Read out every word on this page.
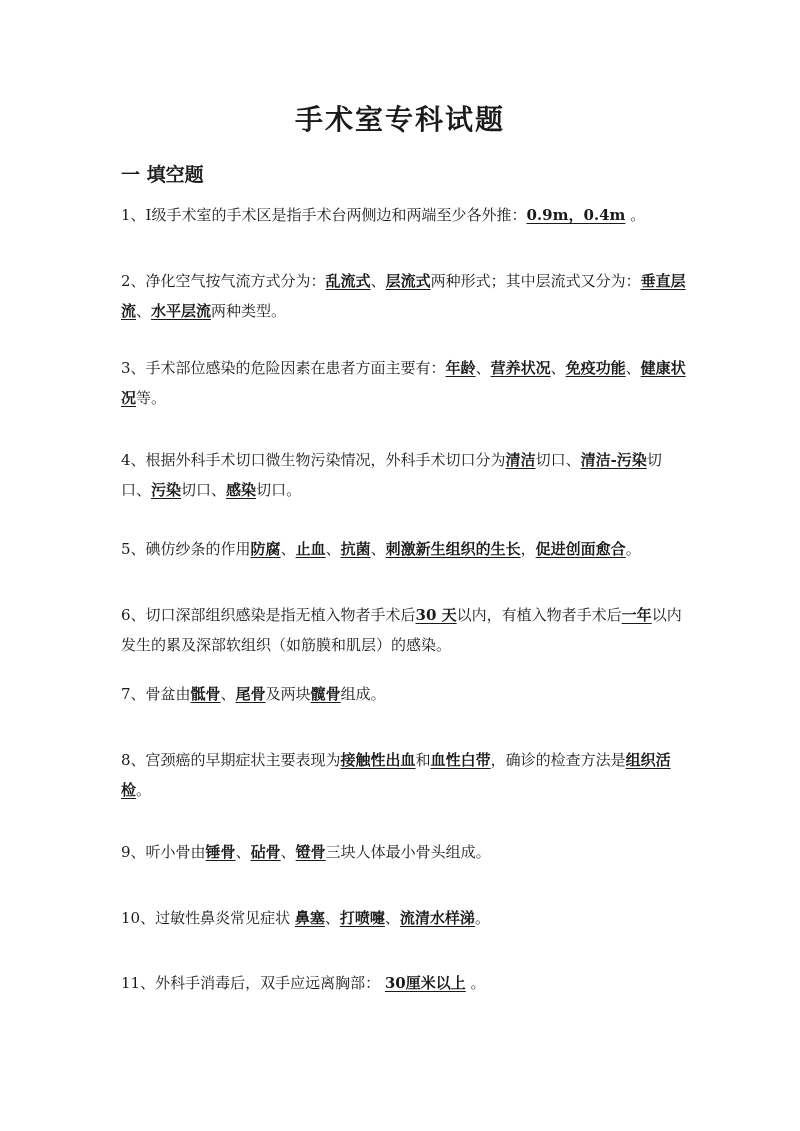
手术室专科试题
一 填空题
1、Ⅰ级手术室的手术区是指手术台两侧边和两端至少各外推：0.9m，0.4m 。
2、净化空气按气流方式分为：乱流式、层流式两种形式；其中层流式又分为：垂直层流、水平层流两种类型。
3、手术部位感染的危险因素在患者方面主要有：年龄、营养状况、免疫功能、健康状况等。
4、根据外科手术切口微生物污染情况，外科手术切口分为清洁切口、清洁-污染切口、污染切口、感染切口。
5、碘仿纱条的作用防腐、止血、抗菌、刺激新生组织的生长，促进创面愈合。
6、切口深部组织感染是指无植入物者手术后30 天以内，有植入物者手术后一年以内发生的累及深部软组织（如筋膜和肌层）的感染。
7、骨盆由骶骨、尾骨及两块髋骨组成。
8、宫颈癌的早期症状主要表现为接触性出血和血性白带，确诊的检查方法是组织活检。
9、听小骨由锤骨、砧骨、镫骨三块人体最小骨头组成。
10、过敏性鼻炎常见症状 鼻塞、打喷嚏、流清水样涕。
11、外科手消毒后，双手应远离胸部： 30厘米以上 。
